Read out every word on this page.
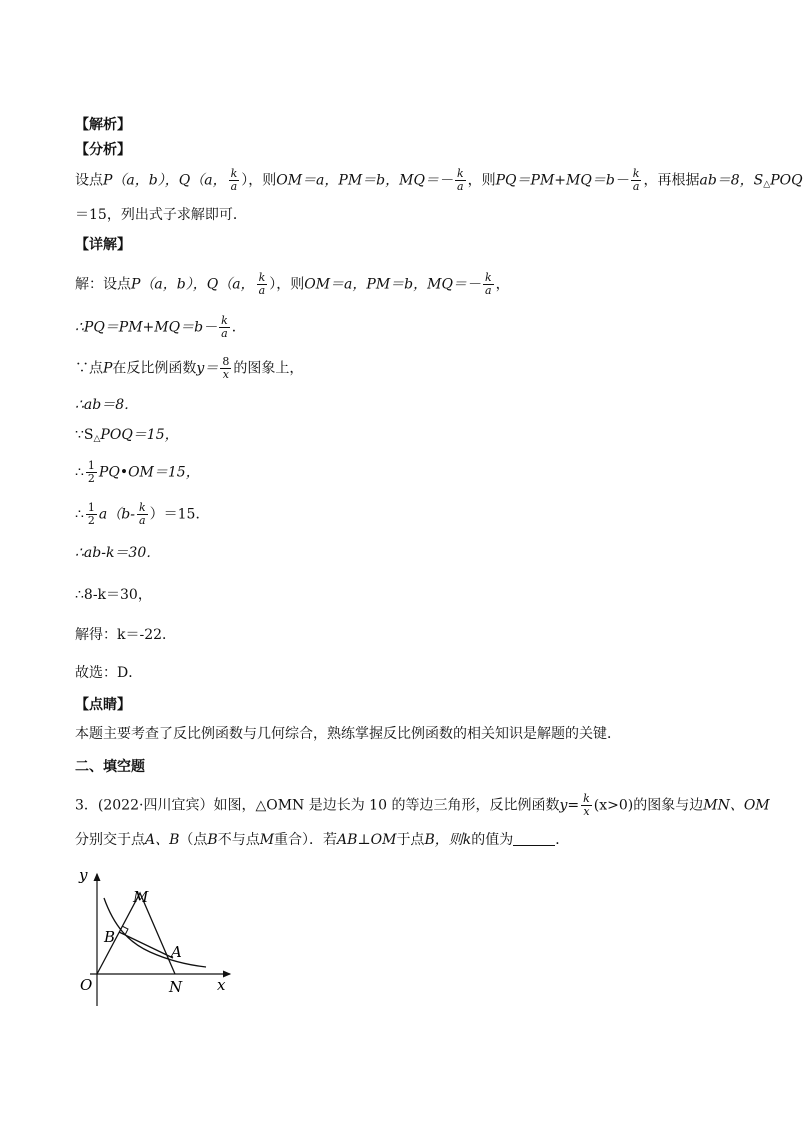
【解析】
【分析】
设点P（a，b），Q（a， $\frac{k}{a}$ ），则OM＝a，PM＝b，$MQ=- \frac{k}{a}$ ，则$PQ=PM+MQ=b- \frac{k}{a}$ ，再根据ab＝8，$S_\triangle POQ$
＝15，列出式子求解即可．
【详解】
解：设点P（a，b），Q（a， $\frac{k}{a}$ ），则OM＝a，PM＝b，$MQ=- \frac{k}{a}$ ，
∴PQ＝PM+MQ＝b－ $\frac{k}{a}$ ．
∵点P在反比例函数$y= \frac{8}{x}$ 的图象上，
∴ab＝8．
$\because S_\triangle POQ=15$，
∴ $\frac{1}{2}$ PQ•OM＝15，
∴ $\frac{1}{2} a(b- \frac{k}{a} )=15$．
∴ab-k＝30．
∴8-k＝30，
解得：k＝-22．
故选：D．
【点睛】
本题主要考查了反比例函数与几何综合，熟练掌握反比例函数的相关知识是解题的关键．
二、填空题
3．(2022·四川宜宾）如图，△OMN 是边长为 10 的等边三角形，反比例函数$y= \frac{k}{x} (x>0)$的图象与边MN、OM
分别交于点A、B（点B不与点M重合）．若AB⊥OM于点B，则k的值为	．
y
x
O
M
N
A
B
